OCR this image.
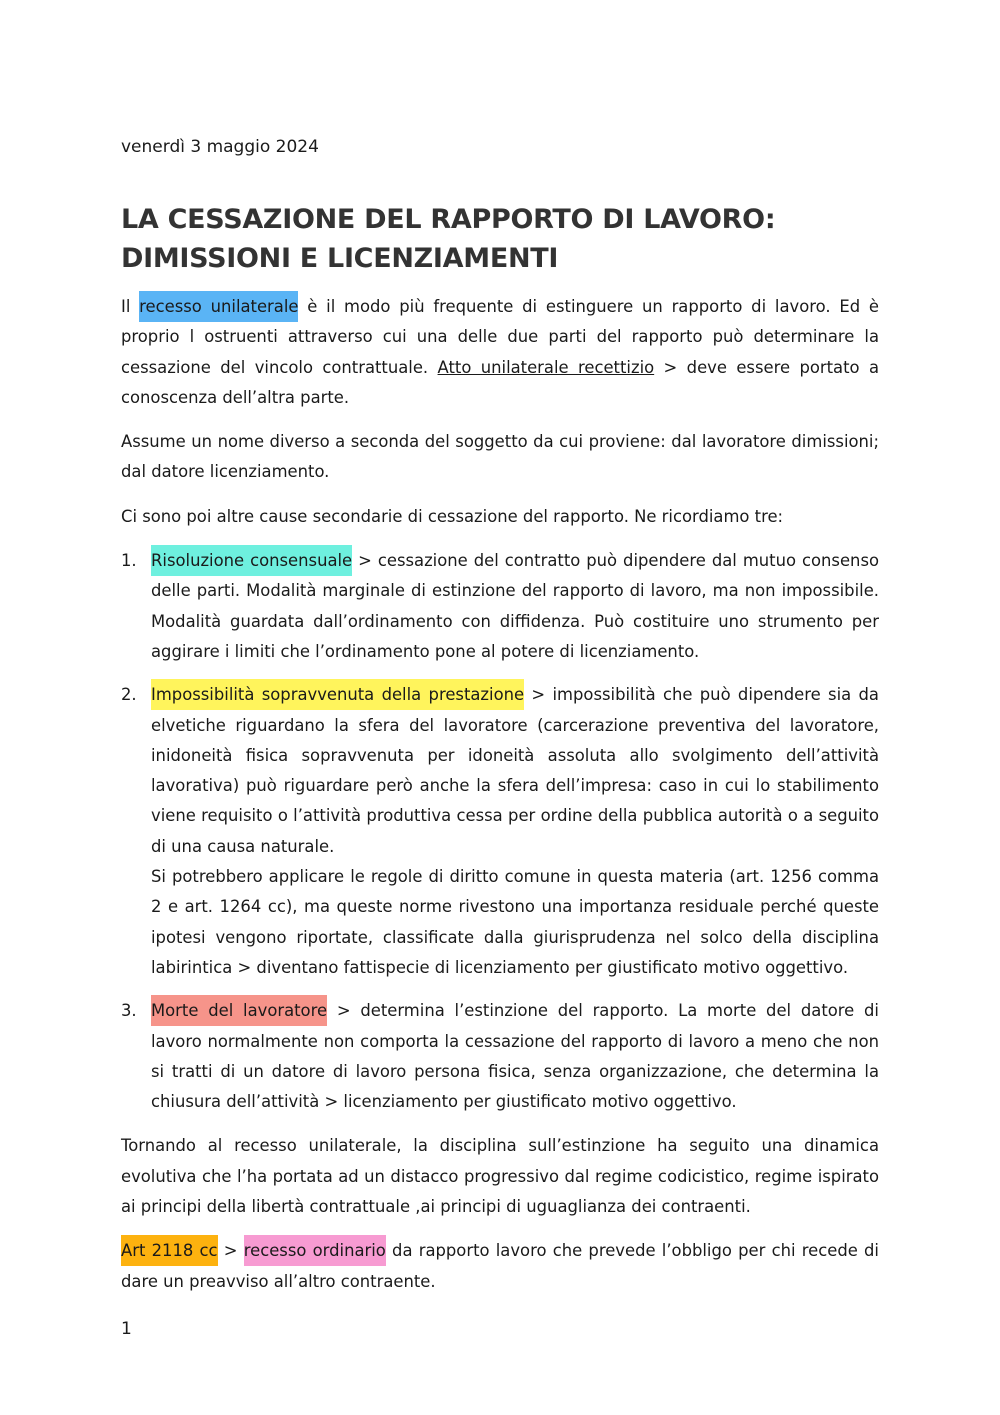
venerdì 3 maggio 2024
LA CESSAZIONE DEL RAPPORTO DI LAVORO:
DIMISSIONI E LICENZIAMENTI

Il recesso unilaterale è il modo più frequente di estinguere un rapporto di lavoro. Ed è proprio l ostruenti attraverso cui una delle due parti del rapporto può determinare la cessazione del vincolo contrattuale. Atto unilaterale recettizio > deve essere portato a conoscenza dell’altra parte.

Assume un nome diverso a seconda del soggetto da cui proviene: dal lavoratore dimissioni; dal datore licenziamento.

Ci sono poi altre cause secondarie di cessazione del rapporto. Ne ricordiamo tre:

1. Risoluzione consensuale > cessazione del contratto può dipendere dal mutuo consenso delle parti. Modalità marginale di estinzione del rapporto di lavoro, ma non impossibile. Modalità guardata dall’ordinamento con diffidenza. Può costituire uno strumento per aggirare i limiti che l’ordinamento pone al potere di licenziamento.
2. Impossibilità sopravvenuta della prestazione > impossibilità che può dipendere sia da elvetiche riguardano la sfera del lavoratore (carcerazione preventiva del lavoratore, inidoneità fisica sopravvenuta per idoneità assoluta allo svolgimento dell’attività lavorativa) può riguardare però anche la sfera dell’impresa: caso in cui lo stabilimento viene requisito o l’attività produttiva cessa per ordine della pubblica autorità o a seguito di una causa naturale.
Si potrebbero applicare le regole di diritto comune in questa materia (art. 1256 comma 2 e art. 1264 cc), ma queste norme rivestono una importanza residuale perché queste ipotesi vengono riportate, classificate dalla giurisprudenza nel solco della disciplina labirintica > diventano fattispecie di licenziamento per giustificato motivo oggettivo.
3. Morte del lavoratore > determina l’estinzione del rapporto. La morte del datore di lavoro normalmente non comporta la cessazione del rapporto di lavoro a meno che non si tratti di un datore di lavoro persona fisica, senza organizzazione, che determina la chiusura dell’attività > licenziamento per giustificato motivo oggettivo.

Tornando al recesso unilaterale, la disciplina sull’estinzione ha seguito una dinamica evolutiva che l’ha portata ad un distacco progressivo dal regime codicistico, regime ispirato ai principi della libertà contrattuale ,ai principi di uguaglianza dei contraenti.

Art 2118 cc > recesso ordinario da rapporto lavoro che prevede l’obbligo per chi recede di dare un preavviso all’altro contraente.

1
